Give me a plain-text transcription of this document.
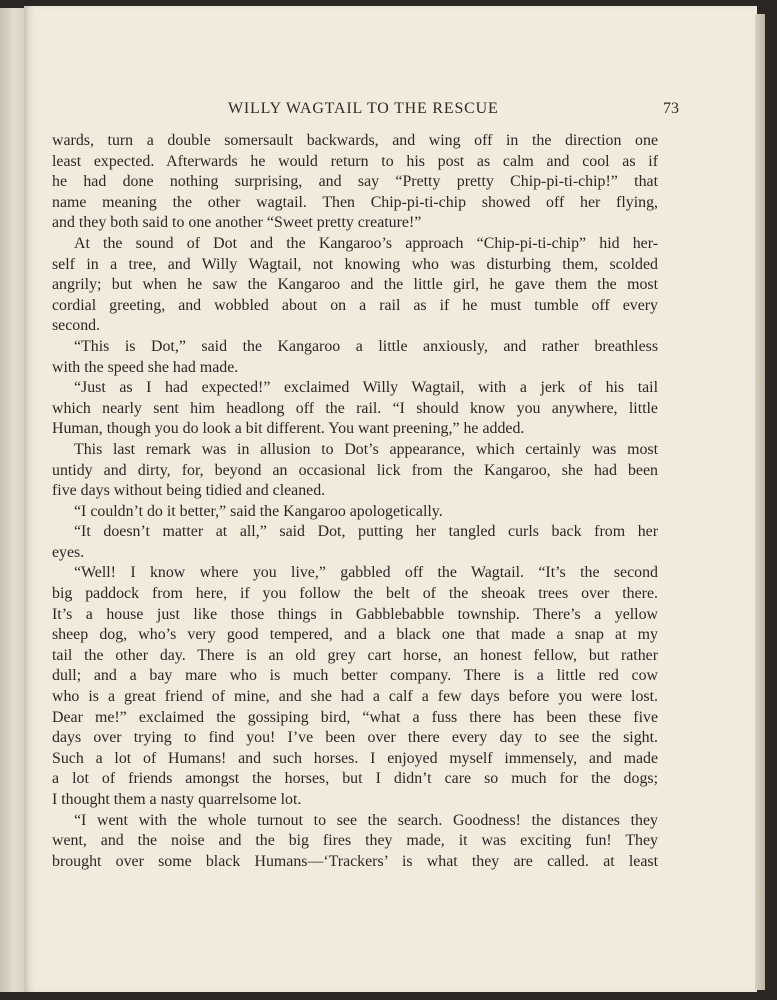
WILLY WAGTAIL TO THE RESCUE	73
wards, turn a double somersault backwards, and wing off in the direction one
least expected. Afterwards he would return to his post as calm and cool as if
he had done nothing surprising, and say “Pretty pretty Chip-pi-ti-chip!” that
name meaning the other wagtail. Then Chip-pi-ti-chip showed off her flying,
and they both said to one another “Sweet pretty creature!”
At the sound of Dot and the Kangaroo’s approach “Chip-pi-ti-chip” hid her-
self in a tree, and Willy Wagtail, not knowing who was disturbing them, scolded
angrily; but when he saw the Kangaroo and the little girl, he gave them the most
cordial greeting, and wobbled about on a rail as if he must tumble off every
second.
“This is Dot,” said the Kangaroo a little anxiously, and rather breathless
with the speed she had made.
“Just as I had expected!” exclaimed Willy Wagtail, with a jerk of his tail
which nearly sent him headlong off the rail. “I should know you anywhere, little
Human, though you do look a bit different. You want preening,” he added.
This last remark was in allusion to Dot’s appearance, which certainly was most
untidy and dirty, for, beyond an occasional lick from the Kangaroo, she had been
five days without being tidied and cleaned.
“I couldn’t do it better,” said the Kangaroo apologetically.
“It doesn’t matter at all,” said Dot, putting her tangled curls back from her
eyes.
“Well! I know where you live,” gabbled off the Wagtail. “It’s the second
big paddock from here, if you follow the belt of the sheoak trees over there.
It’s a house just like those things in Gabblebabble township. There’s a yellow
sheep dog, who’s very good tempered, and a black one that made a snap at my
tail the other day. There is an old grey cart horse, an honest fellow, but rather
dull; and a bay mare who is much better company. There is a little red cow
who is a great friend of mine, and she had a calf a few days before you were lost.
Dear me!” exclaimed the gossiping bird, “what a fuss there has been these five
days over trying to find you! I’ve been over there every day to see the sight.
Such a lot of Humans! and such horses. I enjoyed myself immensely, and made
a lot of friends amongst the horses, but I didn’t care so much for the dogs;
I thought them a nasty quarrelsome lot.
“I went with the whole turnout to see the search. Goodness! the distances they
went, and the noise and the big fires they made, it was exciting fun! They
brought over some black Humans—‘Trackers’ is what they are called. at least
